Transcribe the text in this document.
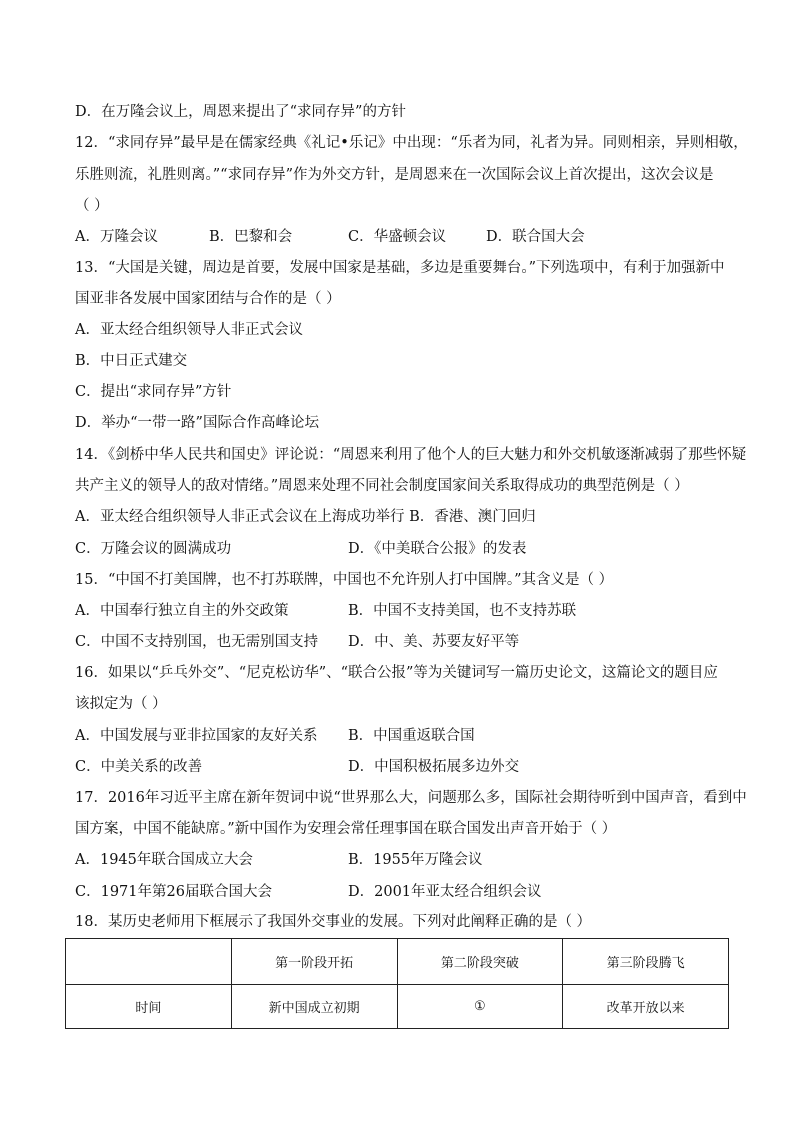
D．在万隆会议上，周恩来提出了“求同存异”的方针
12．“求同存异”最早是在儒家经典《礼记•乐记》中出现：“乐者为同，礼者为异。同则相亲，异则相敬，
乐胜则流，礼胜则离。”“求同存异”作为外交方针，是周恩来在一次国际会议上首次提出，这次会议是
（ ）
A．万隆会议	B．巴黎和会	C．华盛顿会议	D．联合国大会
13．“大国是关键，周边是首要，发展中国家是基础，多边是重要舞台。”下列选项中，有利于加强新中
国亚非各发展中国家团结与合作的是（ ）
A．亚太经合组织领导人非正式会议
B．中日正式建交
C．提出“求同存异”方针
D．举办“一带一路”国际合作高峰论坛
14．《剑桥中华人民共和国史》评论说：“周恩来利用了他个人的巨大魅力和外交机敏逐渐减弱了那些怀疑
共产主义的领导人的敌对情绪。”周恩来处理不同社会制度国家间关系取得成功的典型范例是（ ）
A．亚太经合组织领导人非正式会议在上海成功举行 B．香港、澳门回归
C．万隆会议的圆满成功	D．《中美联合公报》的发表
15．“中国不打美国牌，也不打苏联牌，中国也不允许别人打中国牌。”其含义是（ ）
A．中国奉行独立自主的外交政策	B．中国不支持美国，也不支持苏联
C．中国不支持别国，也无需别国支持 D．中、美、苏要友好平等
16．如果以“乒乓外交”、“尼克松访华”、“联合公报”等为关键词写一篇历史论文，这篇论文的题目应
该拟定为（ ）
A．中国发展与亚非拉国家的友好关系 B．中国重返联合国
C．中美关系的改善	D．中国积极拓展多边外交
17．2016年习近平主席在新年贺词中说“世界那么大，问题那么多，国际社会期待听到中国声音，看到中
国方案，中国不能缺席。”新中国作为安理会常任理事国在联合国发出声音开始于（ ）
A．1945年联合国成立大会	B．1955年万隆会议
C．1971年第26届联合国大会	D．2001年亚太经合组织会议
18．某历史老师用下框展示了我国外交事业的发展。下列对此阐释正确的是（ ）
	第一阶段开拓	第二阶段突破	第三阶段腾飞
时间	新中国成立初期	①	改革开放以来
